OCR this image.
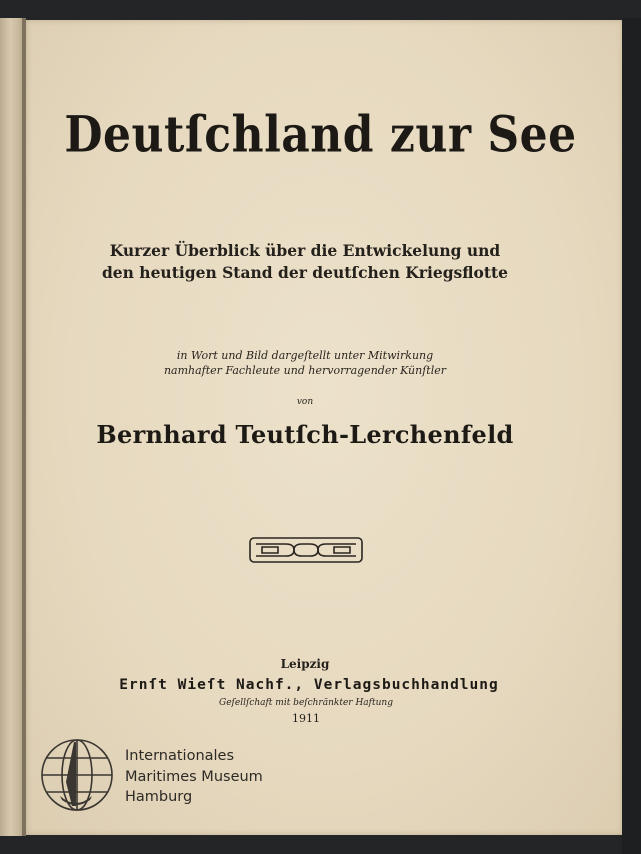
Deutſchland zur See
Kurzer Überblick über die Entwickelung und
den heutigen Stand der deutſchen Kriegsflotte
in Wort und Bild dargeſtellt unter Mitwirkung
namhafter Fachleute und hervorragender Künſtler
von
Bernhard Teutſch-Lerchenfeld
Leipzig
Ernſt Wieſt Nachf., Verlagsbuchhandlung
Geſellſchaft mit beſchränkter Haftung
1911
Internationales
Maritimes Museum
Hamburg
